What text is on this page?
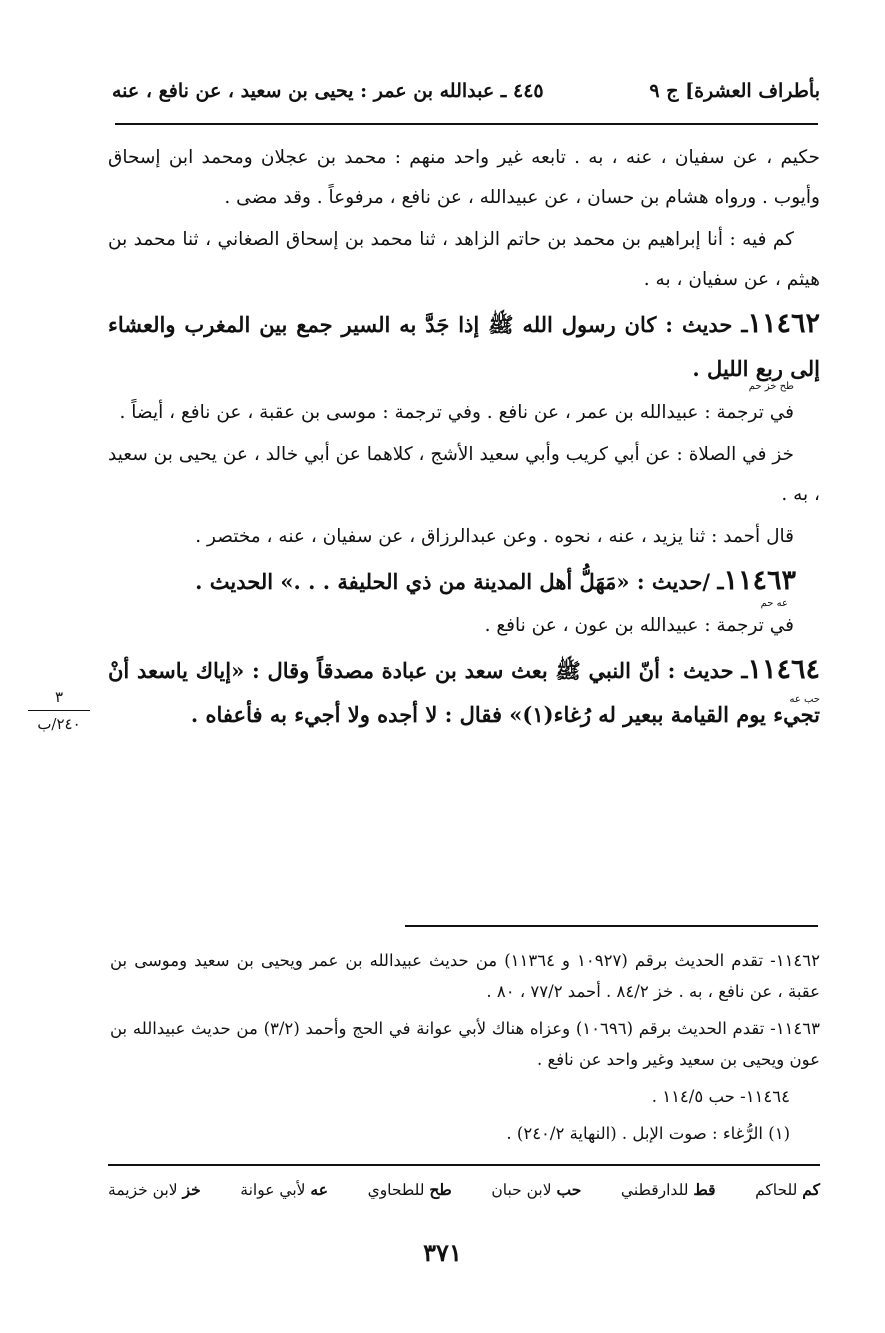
بأطراف العشرة] ج ٩
٤٤٥ ـ عبدالله بن عمر : يحيى بن سعيد ، عن نافع ، عنه

حكيم ، عن سفيان ، عنه ، به . تابعه غير واحد منهم : محمد بن عجلان ومحمد ابن إسحاق وأيوب . ورواه هشام بن حسان ، عن عبيدالله ، عن نافع ، مرفوعاً . وقد مضى .

كم فيه : أنا إبراهيم بن محمد بن حاتم الزاهد ، ثنا محمد بن إسحاق الصغاني ، ثنا محمد بن هيثم ، عن سفيان ، به .

١١٤٦٢ـ حديث : كان رسول الله ﷺ إذا جَدَّ به السير جمع بين المغرب والعشاء إلى ربع الليل .

طح خز حم
في ترجمة : عبيدالله بن عمر ، عن نافع . وفي ترجمة : موسى بن عقبة ، عن نافع ، أيضاً .

خز في الصلاة : عن أبي كريب وأبي سعيد الأشج ، كلاهما عن أبي خالد ، عن يحيى بن سعيد ، به .

قال أحمد : ثنا يزيد ، عنه ، نحوه . وعن عبدالرزاق ، عن سفيان ، عنه ، مختصر .

١١٤٦٣ـ /حديث : «مَهَلُّ أهل المدينة من ذي الحليفة . . .» الحديث .

عه حم
في ترجمة : عبيدالله بن عون ، عن نافع .

١١٤٦٤ـ حديث : أنّ النبي ﷺ بعث سعد بن عبادة مصدقاً وقال : «إياك ياسعد أنْ تجيء يوم القيامة ببعير له رُغاء(١)» فقال : لا أجده ولا أجيء به فأعفاه .
حب عه

٣
٢٤٠/ب

١١٤٦٢- تقدم الحديث برقم (١٠٩٢٧ و ١١٣٦٤) من حديث عبيدالله بن عمر ويحيى بن سعيد وموسى بن عقبة ، عن نافع ، به . خز ٨٤/٢ . أحمد ٧٧/٢ ، ٨٠ .

١١٤٦٣- تقدم الحديث برقم (١٠٦٩٦) وعزاه هناك لأبي عوانة في الحج وأحمد (٣/٢) من حديث عبيدالله بن عون ويحيى بن سعيد وغير واحد عن نافع .

١١٤٦٤- حب ١١٤/٥ .

(١) الرُّغاء : صوت الإبل . (النهاية ٢٤٠/٢) .

خز لابن خزيمة	عه لأبي عوانة	طح للطحاوي	حب لابن حبان	قط للدارقطني	كم للحاكم
٣٧١
